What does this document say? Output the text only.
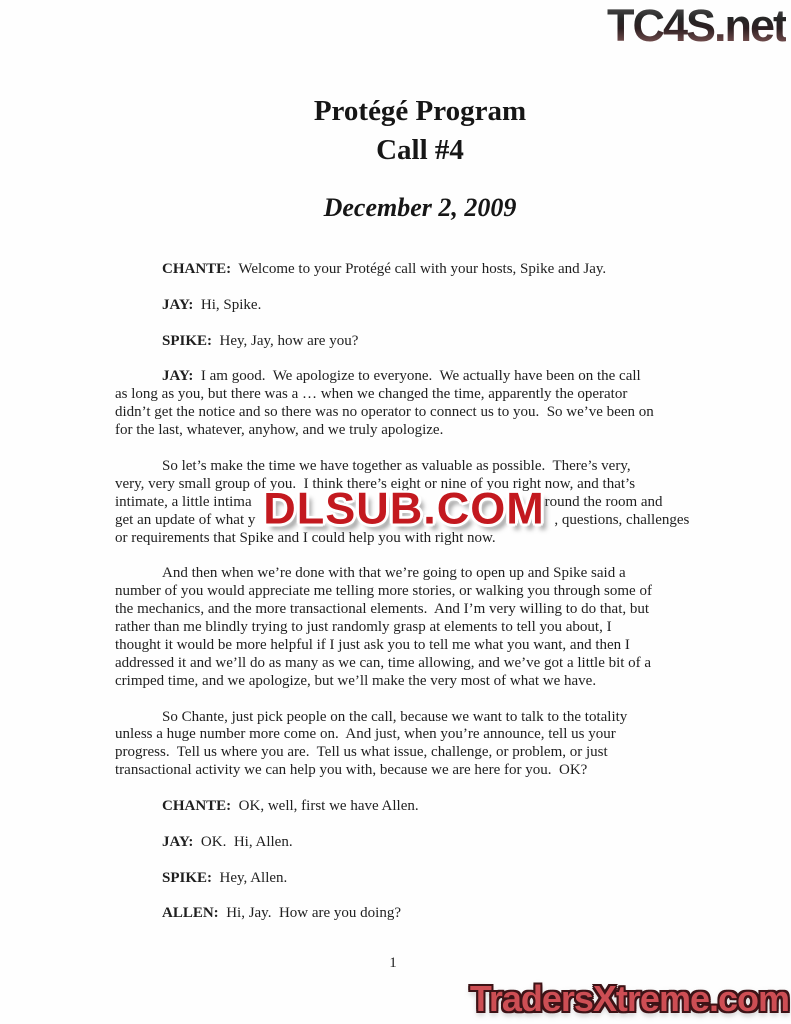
TC4S.net
Protégé Program
Call #4
December 2, 2009

CHANTE:  Welcome to your Protégé call with your hosts, Spike and Jay.

JAY:  Hi, Spike.

SPIKE:  Hey, Jay, how are you?

JAY:  I am good.  We apologize to everyone.  We actually have been on the call
as long as you, but there was a … when we changed the time, apparently the operator
didn’t get the notice and so there was no operator to connect us to you.  So we’ve been on
for the last, whatever, anyhow, and we truly apologize.

So let’s make the time we have together as valuable as possible.  There’s very,
very, very small group of you.  I think there’s eight or nine of you right now, and that’s
intimate, a little intima	round the room and
get an update of what y	, questions, challenges
or requirements that Spike and I could help you with right now.

And then when we’re done with that we’re going to open up and Spike said a
number of you would appreciate me telling more stories, or walking you through some of
the mechanics, and the more transactional elements.  And I’m very willing to do that, but
rather than me blindly trying to just randomly grasp at elements to tell you about, I
thought it would be more helpful if I just ask you to tell me what you want, and then I
addressed it and we’ll do as many as we can, time allowing, and we’ve got a little bit of a
crimped time, and we apologize, but we’ll make the very most of what we have.

So Chante, just pick people on the call, because we want to talk to the totality
unless a huge number more come on.  And just, when you’re announce, tell us your
progress.  Tell us where you are.  Tell us what issue, challenge, or problem, or just
transactional activity we can help you with, because we are here for you.  OK?

CHANTE:  OK, well, first we have Allen.

JAY:  OK.  Hi, Allen.

SPIKE:  Hey, Allen.

ALLEN:  Hi, Jay.  How are you doing?

DLSUB.COM
1
TradersXtreme.com
